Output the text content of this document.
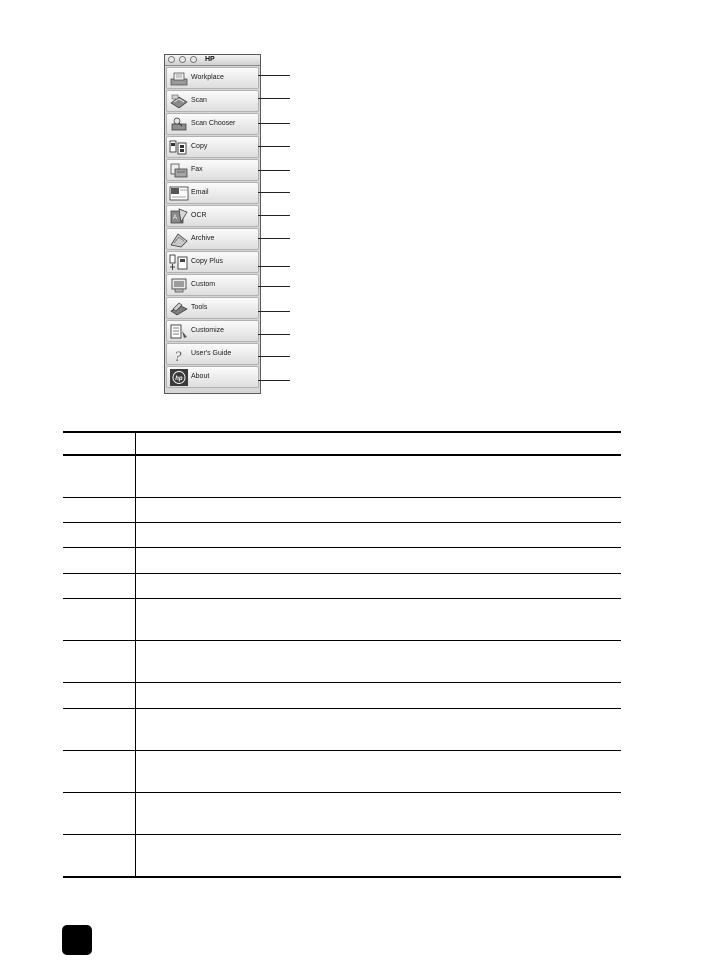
HP
Workplace
Scan
Scan Chooser
Copy
Fax
Email
A OCR
Archive
Copy Plus
Custom
Tools
Customize
? User's Guide
hp About
